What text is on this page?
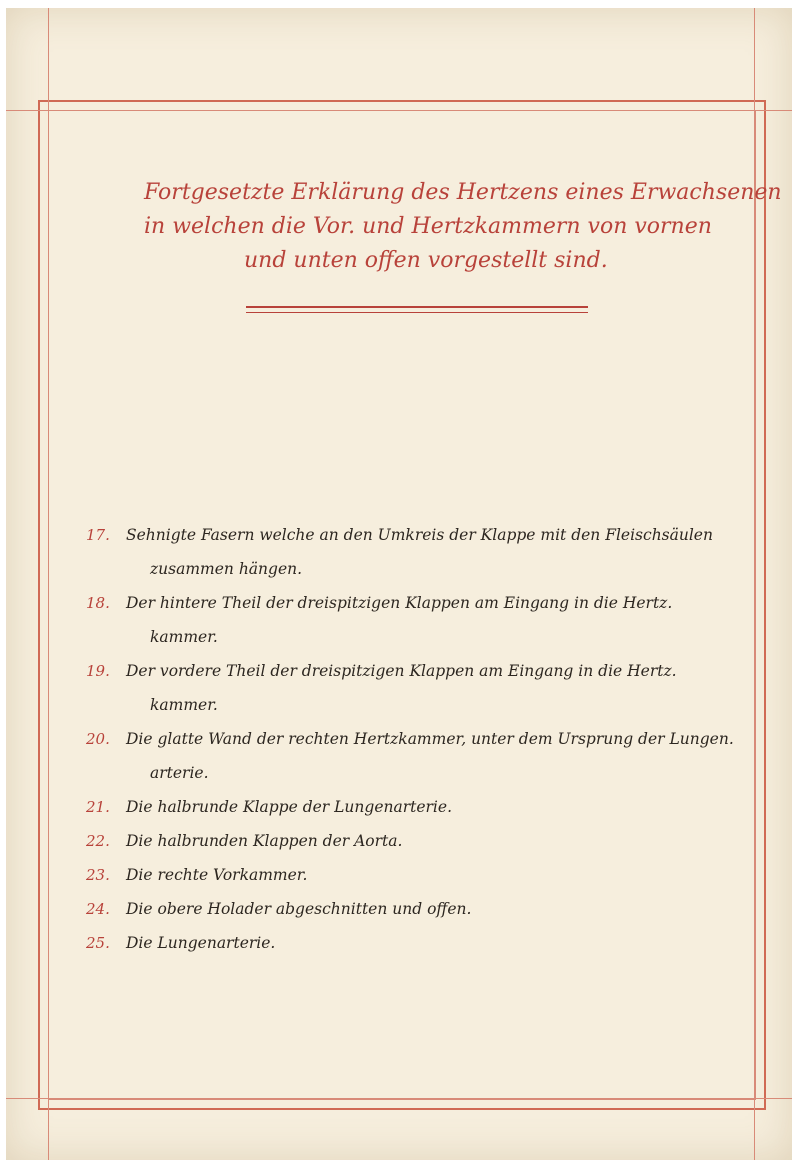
Fortgesetzte Erklärung des Hertzens eines Erwachsenen
in welchen die Vor. und Hertzkammern von vornen
und unten offen vorgestellt sind.
17.	Sehnigte Fasern welche an den Umkreis der Klappe mit den Fleischsäulen
zusammen hängen.
18.	Der hintere Theil der dreispitzigen Klappen am Eingang in die Hertz.
kammer.
19.	Der vordere Theil der dreispitzigen Klappen am Eingang in die Hertz.
kammer.
20.	Die glatte Wand der rechten Hertzkammer, unter dem Ursprung der Lungen.
arterie.
21.	Die halbrunde Klappe der Lungenarterie.
22.	Die halbrunden Klappen der Aorta.
23.	Die rechte Vorkammer.
24.	Die obere Holader abgeschnitten und offen.
25.	Die Lungenarterie.
